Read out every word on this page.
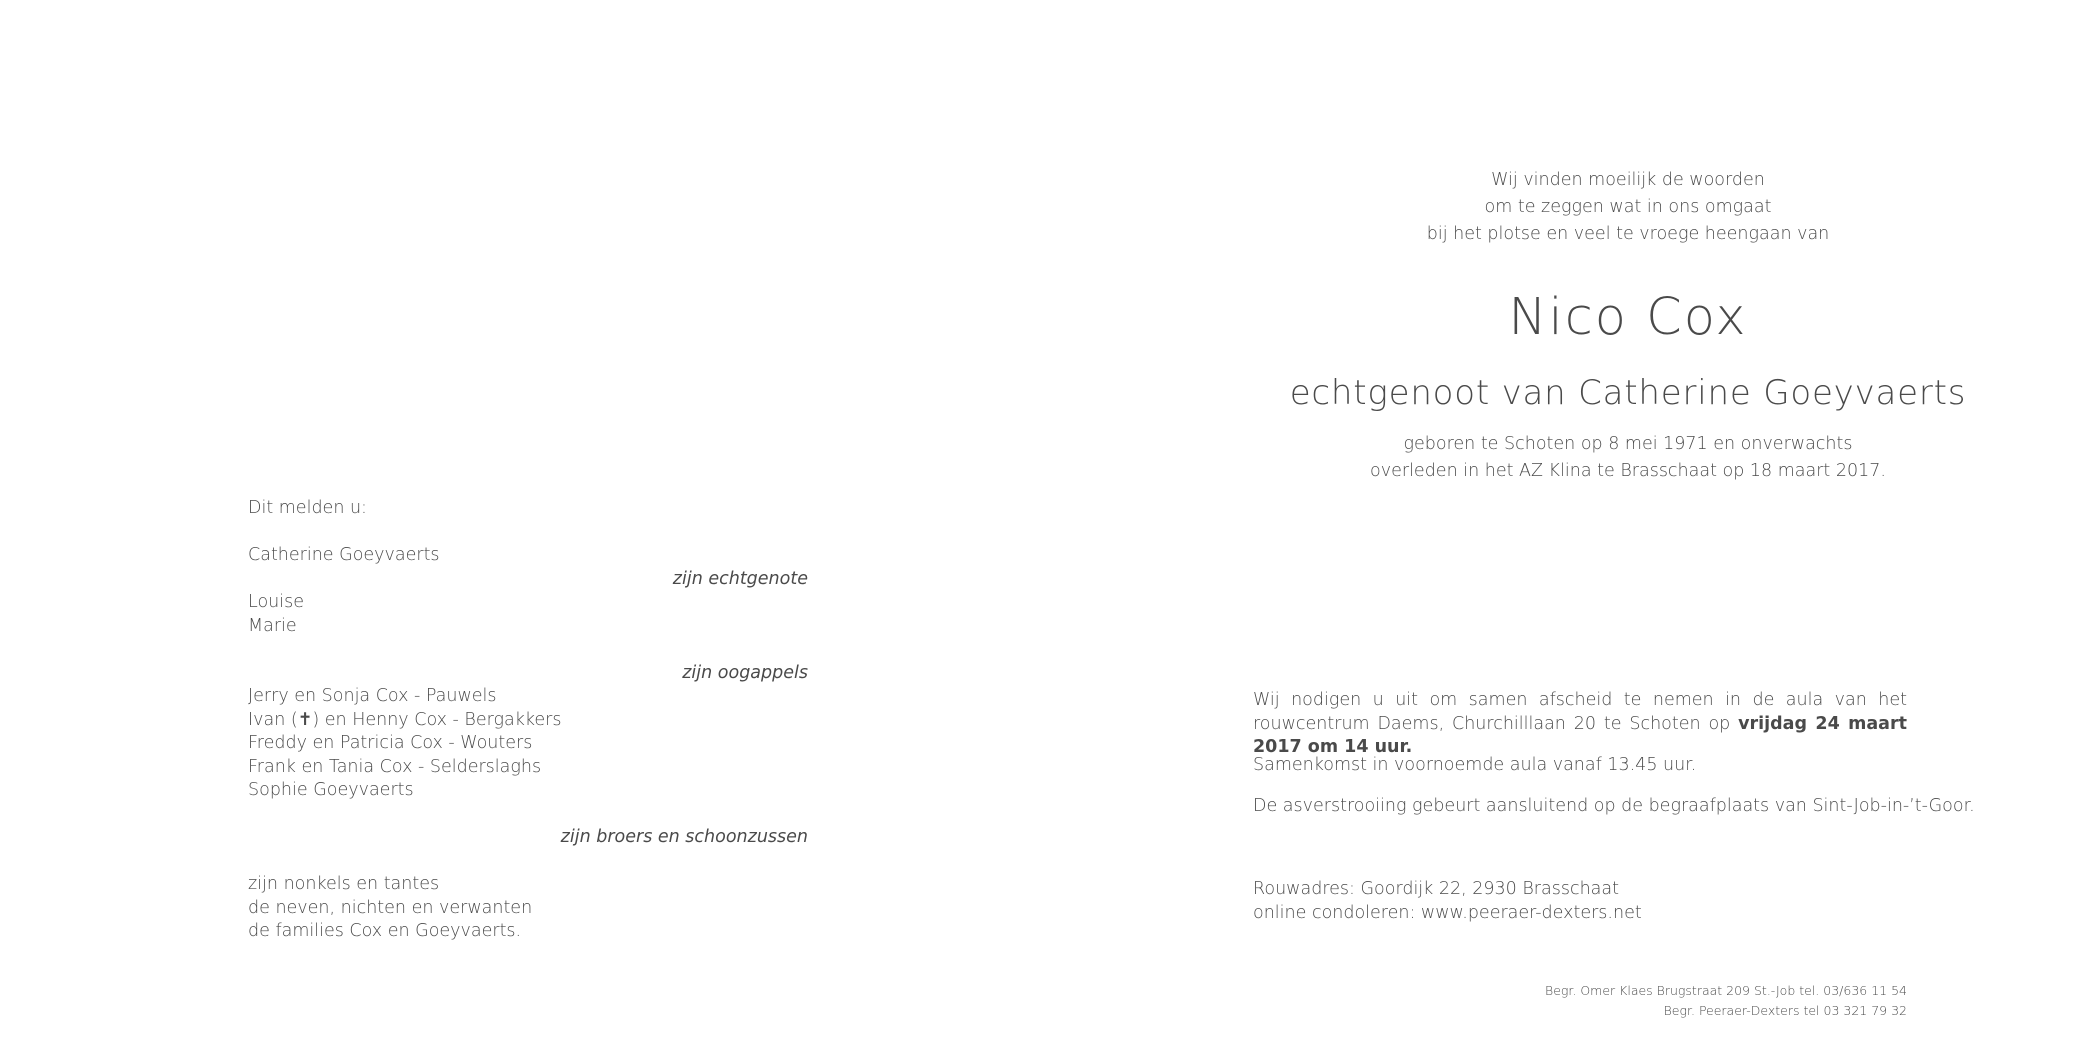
Dit melden u:
Catherine Goeyvaerts
zijn echtgenote
Louise
Marie
zijn oogappels
Jerry en Sonja Cox - Pauwels
Ivan (✝) en Henny Cox - Bergakkers
Freddy en Patricia Cox - Wouters
Frank en Tania Cox - Selderslaghs
Sophie Goeyvaerts
zijn broers en schoonzussen
zijn nonkels en tantes
de neven, nichten en verwanten
de families Cox en Goeyvaerts.
Wij vinden moeilijk de woorden
om te zeggen wat in ons omgaat
bij het plotse en veel te vroege heengaan van
Nico Cox
echtgenoot van Catherine Goeyvaerts
geboren te Schoten op 8 mei 1971 en onverwachts
overleden in het AZ Klina te Brasschaat op 18 maart 2017.
Wij nodigen u uit om samen afscheid te nemen in de aula van het rouwcentrum Daems, Churchilllaan 20 te Schoten op vrijdag 24 maart 2017 om 14 uur.
Samenkomst in voornoemde aula vanaf 13.45 uur.
De asverstrooiing gebeurt aansluitend op de begraafplaats van Sint-Job-in-’t-Goor.
Rouwadres: Goordijk 22, 2930 Brasschaat
online condoleren: www.peeraer-dexters.net
Begr. Omer Klaes Brugstraat 209 St.-Job tel. 03/636 11 54
Begr. Peeraer-Dexters tel 03 321 79 32
